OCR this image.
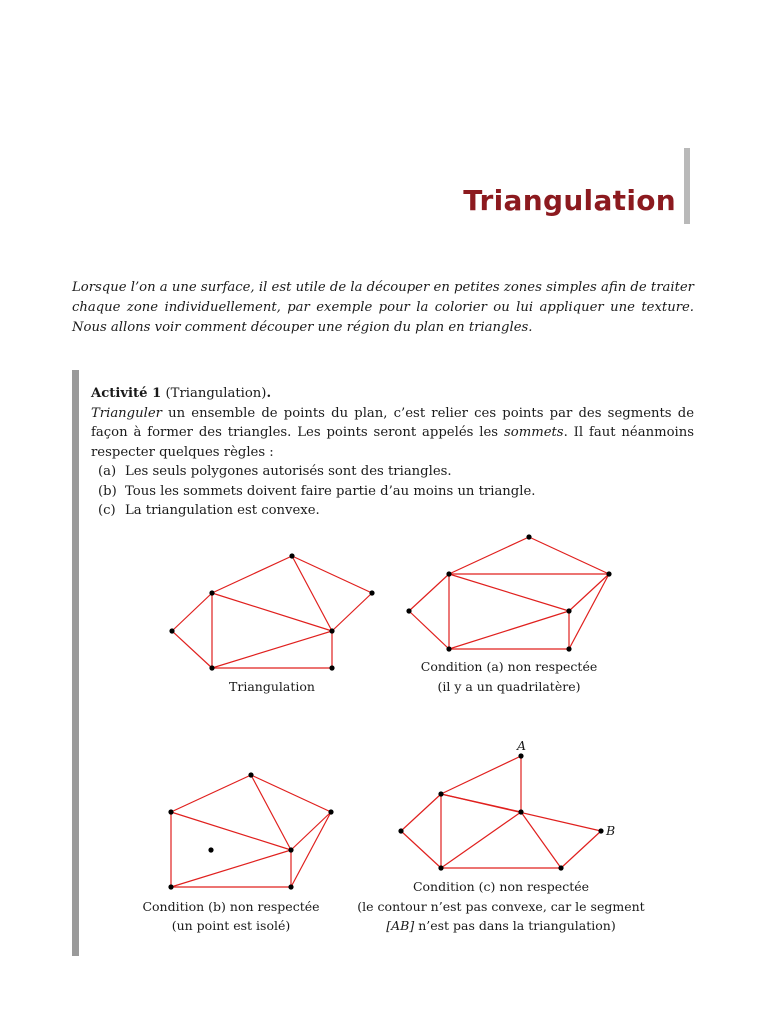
Triangulation
Lorsque l’on a une surface, il est utile de la découper en petites zones simples afin de traiter chaque zone individuellement, par exemple pour la colorier ou lui appliquer une texture. Nous allons voir comment découper une région du plan en triangles.
Activité 1 (Triangulation).
Trianguler un ensemble de points du plan, c’est relier ces points par des segments de façon à former des triangles. Les points seront appelés les sommets. Il faut néanmoins respecter quelques règles :
(a) Les seuls polygones autorisés sont des triangles.
(b) Tous les sommets doivent faire partie d’au moins un triangle.
(c) La triangulation est convexe.
Triangulation
Condition (a) non respectée
(il y a un quadrilatère)
Condition (b) non respectée
(un point est isolé)
A
B
Condition (c) non respectée
(le contour n’est pas convexe, car le segment
[AB] n’est pas dans la triangulation)
